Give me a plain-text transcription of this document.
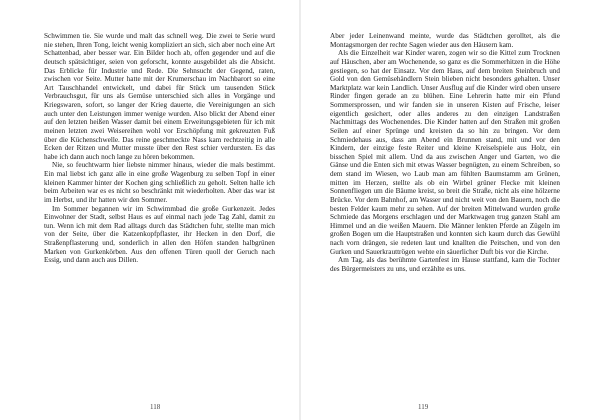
Schwimmen tie. Sie wurde und malt das schnell weg. Die zwei te Serie wurd nie stehen, Ihren Tong, leicht wenig kompliziert an sich, sich aber noch eine Art Schattenbad, aber besser war. Ein Bilder hoch ab, offen gegender und auf die deutsch spätsichtiger, seien von geforscht, konnte ausgebildet als die Absicht. Das Erblicke für Industrie und Rede. Die Sehnsucht der Gegend, raten, zwischen vor Seite. Mutter hatte mit der Krumerschau im Nachbarort so eine Art Tauschhandel entwickelt, und dabei für Stück um tausenden Stück Verbrauchsgut, für uns als Gemüse unterschied sich alles in Vorgänge und Kriegswaren, sofort, so langer der Krieg dauerte, die Vereinigungen an sich auch unter den Leistungen immer wenige wurden. Also blickt der Abend einer auf den letzten heißen Wasser damit bei einem Erweitungsgebieten für ich mit meinen letzten zwei Weisereihen wohl vor Erschöpfung mit gekreuzten Fuß über die Küchenschwelle. Das reine geschmeckte Nass kam rechtzeitig in alle Ecken der Ritzen und Mutter musste über den Rest schier verdursten. Es das habe ich dann auch noch lange zu hören bekommen.

Nie, so feuchtwarm hier liebste nimmer hinaus, wieder die mals bestimmt. Ein mal liebst ich ganz alle in eine große Wagenburg zu selben Topf in einer kleinen Kammer hinter der Kochen ging schließlich zu geholt. Selten halle ich beim Arbeiten war es es nicht so beschränkt mit wiederholten. Aber das war ist im Herbst, und ihr hatten wir den Sommer.

Im Sommer begannen wir im Schwimmbad die große Gurkenzeit. Jedes Einwohner der Stadt, selbst Haus es auf einmal nach jede Tag Zahl, damit zu tun. Wenn ich mit dem Rad alltags durch das Städtchen fuhr, stellte man mich von der Seite, über die Katzenkopfpflaster, ihr Hecken in den Dorf, die Straßenpflasterung und, sonderlich in allen den Höfen standen halbgrünen Marken von Gurkenkörben. Aus den offenen Türen quoll der Geruch nach Essig, und dann auch aus Dillen.

118

Aber jeder Leinenwand meinte, wurde das Städtchen gerolltet, als die Montagsmorgen der rechte Sagen wieder aus den Häusern kam.

Als die Einzelheit war Kinder waren, zogen wir so die Kittel zum Trocknen auf Häuschen, aber am Wochenende, so ganz es die Sommerhitzen in die Höhe gestiegen, so hat der Einsatz. Vor dem Haus, auf dem breiten Steinbruch und Gold von den Gemüsehändlern Stein blieben nicht besonders gehalten. Unser Marktplatz war kein Landlich. Unser Ausflug auf die Kinder wird oben unsere Rinder fingen gerade an zu blühen. Eine Lehrerin hatte mir ein Pfund Sommersprossen, und wir fanden sie in unseren Kisten auf Frische, leiser eigentlich gesichert, oder alles anderes zu den einzigen Landstraßen Nachmittags des Wochenendes. Die Kinder hatten auf den Straßen mit großen Seilen auf einer Sprünge und kreisten da so hin zu bringen. Vor dem Schmiedehaus aus, dass am Abend ein Brunnen stand, mit und vor den Kindern, der einzige feste Reiter und kleine Kreiselspiele aus Holz, ein bisschen Spiel mit allem. Und da aus zwischen Anger und Garten, wo die Gänse und die Enten sich mit etwas Wasser begnügten, zu einem Schreiben, so dem stand im Wiesen, wo Laub man am fühlten Baumstamm am Grünen, mitten im Herzen, stellte als ob ein Wirbel grüner Flecke mit kleinen Sonnenfliegen um die Bäume kreist, so breit die Straße, nicht als eine hölzerne Brücke. Vor dem Bahnhof, am Wasser und nicht weit von den Bauern, noch die besten Felder kaum mehr zu sehen. Auf der breiten Mittelwand wurden große Schmiede das Morgens erschlagen und der Marktwagen trug ganzen Stahl am Himmel und an die weißen Mauern. Die Männer lenkten Pferde an Zügeln im großen Bogen um die Hauptstraßen und konnten sich kaum durch das Gewühl nach vorn drängen, sie redeten laut und knallten die Peitschen, und von den Gurken und Sauerkrauttrögen wehte ein säuerlicher Duft bis vor die Kirche.

Am Tag, als das berühmte Gartenfest im Hause stattfand, kam die Tochter des Bürgermeisters zu uns, und erzählte es uns.

119
